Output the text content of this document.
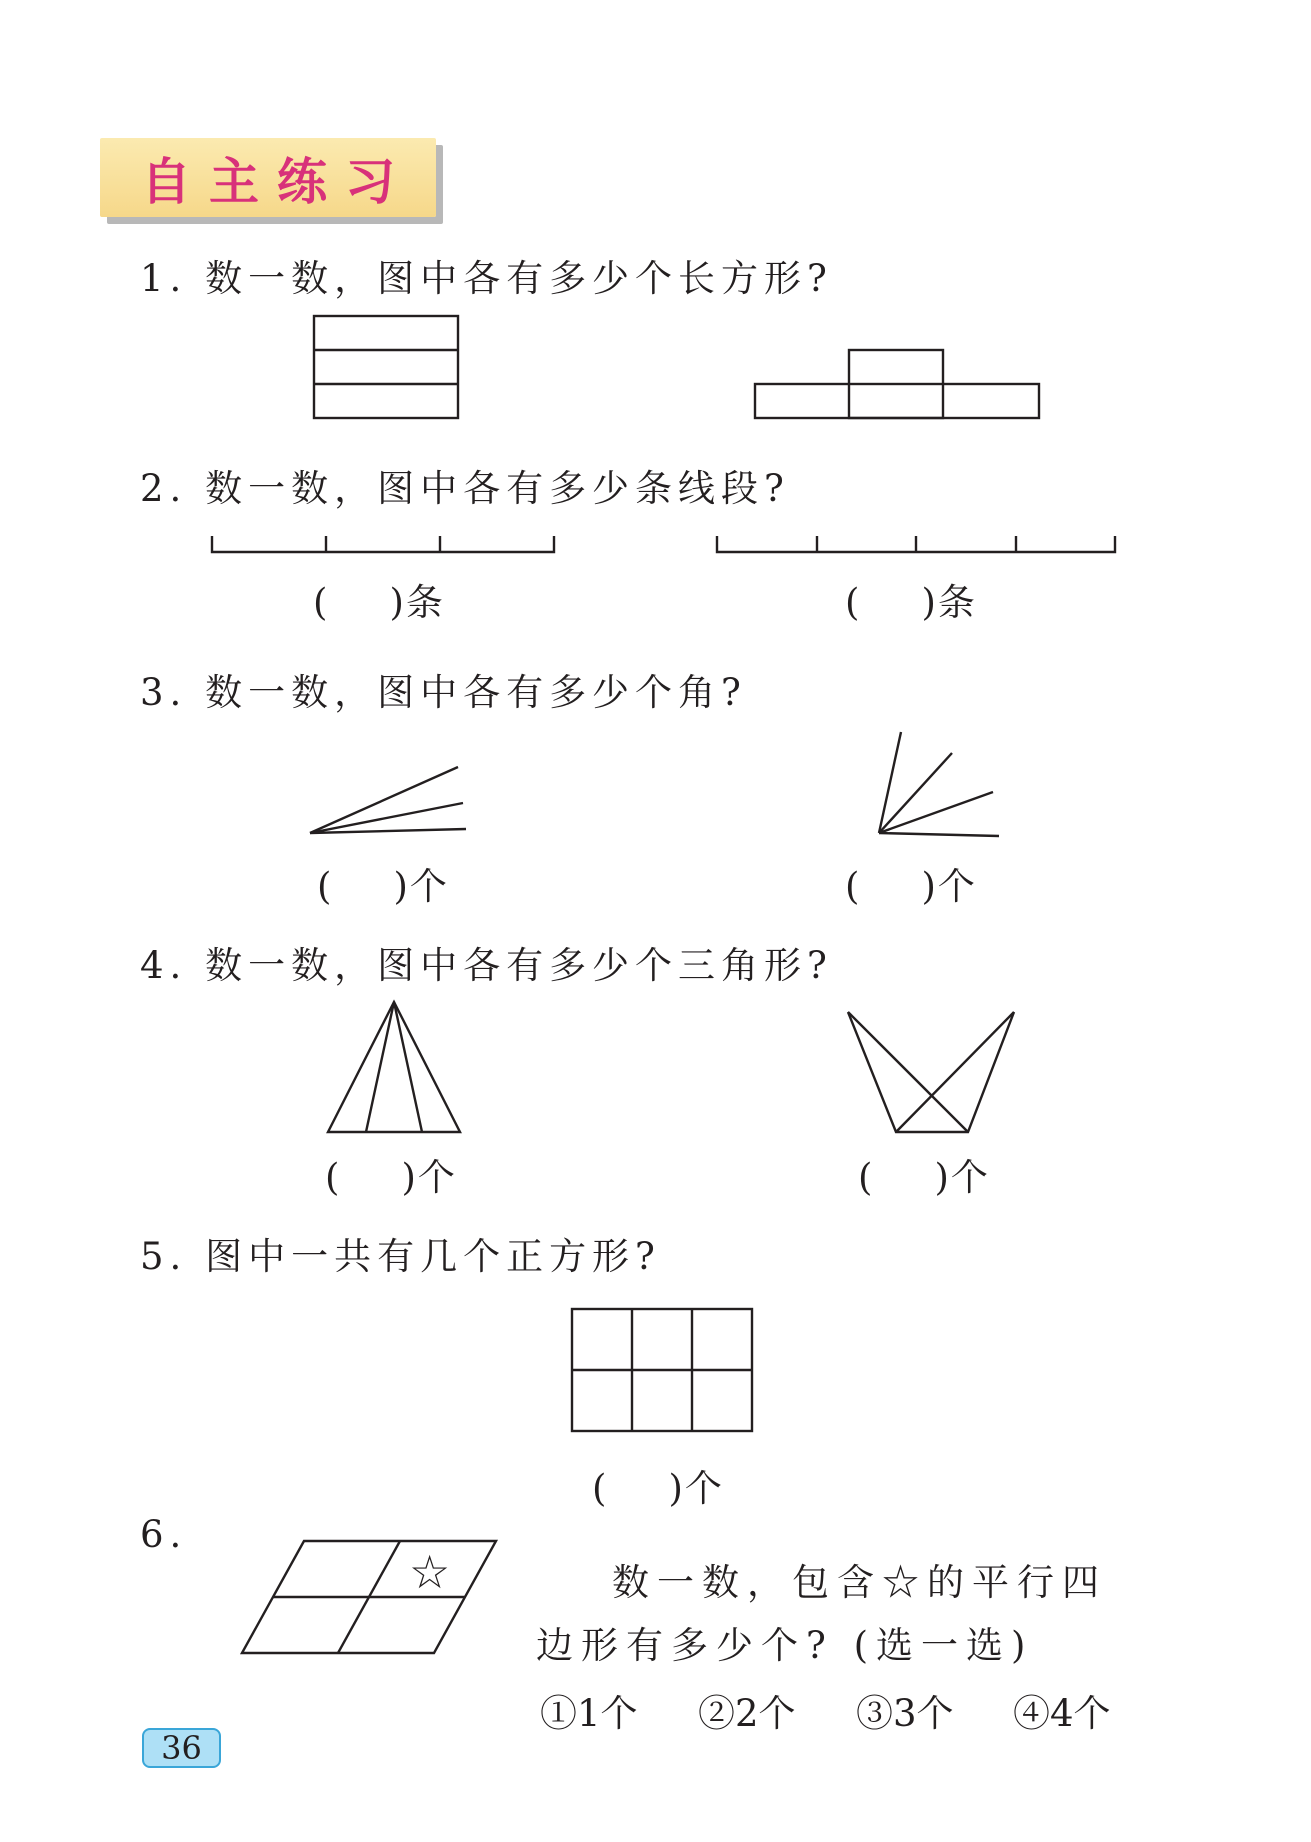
自主练习
1. 数一数，图中各有多少个长方形?
2. 数一数，图中各有多少条线段?
( )条	( )条
3. 数一数，图中各有多少个角?
( )个	( )个
4. 数一数，图中各有多少个三角形?
( )个	( )个
5. 图中一共有几个正方形?
( )个
6.
☆	数一数，包含☆的平行四
边形有多少个? (选一选)
①1个 ②2个 ③3个 ④4个
36
